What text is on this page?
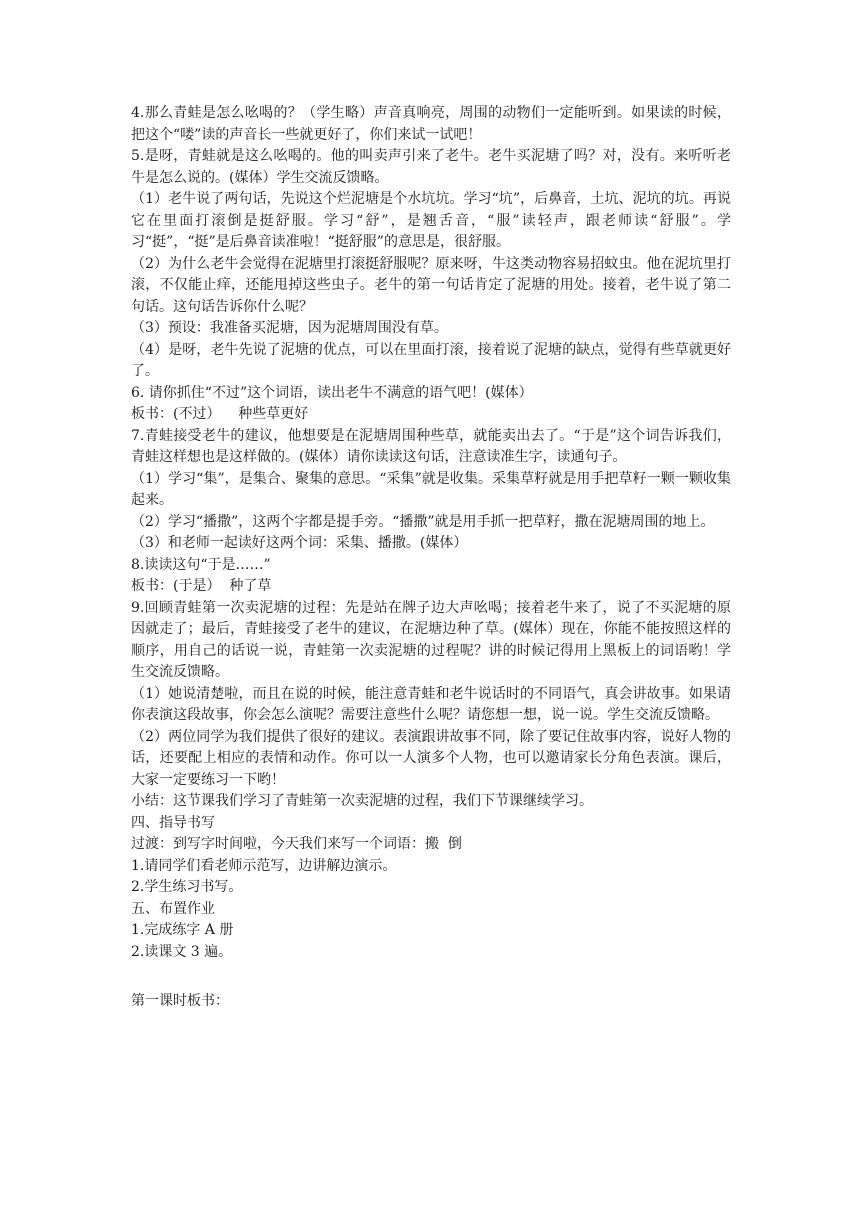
4.那么青蛙是怎么吆喝的？（学生略）声音真响亮，周围的动物们一定能听到。如果读的时候，把这个“喽”读的声音长一些就更好了，你们来试一试吧！
5.是呀，青蛙就是这么吆喝的。他的叫卖声引来了老牛。老牛买泥塘了吗？对，没有。来听听老牛是怎么说的。(媒体）学生交流反馈略。
（1）老牛说了两句话，先说这个烂泥塘是个水坑坑。学习“坑”，后鼻音，土坑、泥坑的坑。再说它在里面打滚倒是挺舒服。学习“舒”，是翘舌音，“服”读轻声，跟老师读“舒服”。学习“挺”，“挺”是后鼻音读准啦！“挺舒服”的意思是，很舒服。
（2）为什么老牛会觉得在泥塘里打滚挺舒服呢？原来呀，牛这类动物容易招蚊虫。他在泥坑里打滚，不仅能止痒，还能甩掉这些虫子。老牛的第一句话肯定了泥塘的用处。接着，老牛说了第二句话。这句话告诉你什么呢？
（3）预设：我准备买泥塘，因为泥塘周围没有草。
（4）是呀，老牛先说了泥塘的优点，可以在里面打滚，接着说了泥塘的缺点，觉得有些草就更好了。
6. 请你抓住“不过”这个词语，读出老牛不满意的语气吧！(媒体）
板书：(不过）    种些草更好
7.青蛙接受老牛的建议，他想要是在泥塘周围种些草，就能卖出去了。“于是”这个词告诉我们，青蛙这样想也是这样做的。(媒体）请你读读这句话，注意读准生字，读通句子。
（1）学习“集”，是集合、聚集的意思。“采集”就是收集。采集草籽就是用手把草籽一颗一颗收集起来。
（2）学习“播撒”，这两个字都是提手旁。“播撒”就是用手抓一把草籽，撒在泥塘周围的地上。
（3）和老师一起读好这两个词：采集、播撒。(媒体）
8.读读这句“于是……”
板书：(于是）  种了草
9.回顾青蛙第一次卖泥塘的过程：先是站在牌子边大声吆喝；接着老牛来了，说了不买泥塘的原因就走了；最后，青蛙接受了老牛的建议，在泥塘边种了草。(媒体）现在，你能不能按照这样的顺序，用自己的话说一说，青蛙第一次卖泥塘的过程呢？讲的时候记得用上黑板上的词语哟！学生交流反馈略。
（1）她说清楚啦，而且在说的时候，能注意青蛙和老牛说话时的不同语气，真会讲故事。如果请你表演这段故事，你会怎么演呢？需要注意些什么呢？请您想一想，说一说。学生交流反馈略。
（2）两位同学为我们提供了很好的建议。表演跟讲故事不同，除了要记住故事内容，说好人物的话，还要配上相应的表情和动作。你可以一人演多个人物，也可以邀请家长分角色表演。课后，大家一定要练习一下哟！
小结：这节课我们学习了青蛙第一次卖泥塘的过程，我们下节课继续学习。
四、指导书写
过渡：到写字时间啦，今天我们来写一个词语：搬  倒
1.请同学们看老师示范写，边讲解边演示。
2.学生练习书写。
五、布置作业
1.完成练字 A 册
2.读课文 3 遍。
第一课时板书：
